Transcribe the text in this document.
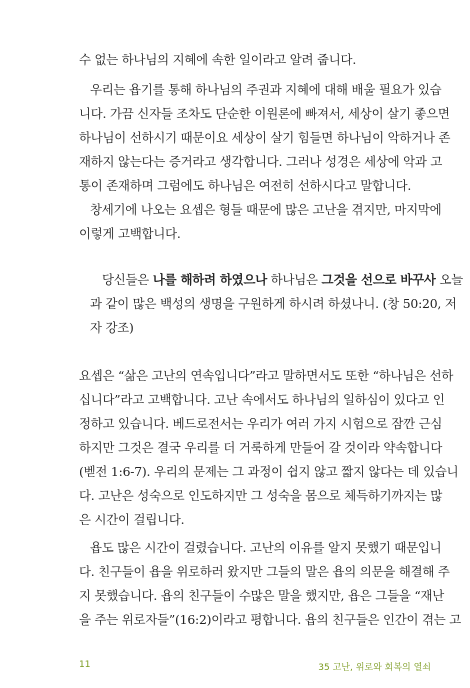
수 없는 하나님의 지혜에 속한 일이라고 알려 줍니다.
우리는 욥기를 통해 하나님의 주권과 지혜에 대해 배울 필요가 있습
니다. 가끔 신자들 조차도 단순한 이원론에 빠져서, 세상이 살기 좋으면
하나님이 선하시기 때문이요 세상이 살기 힘들면 하나님이 악하거나 존
재하지 않는다는 증거라고 생각합니다. 그러나 성경은 세상에 악과 고
통이 존재하며 그럼에도 하나님은 여전히 선하시다고 말합니다.
창세기에 나오는 요셉은 형들 때문에 많은 고난을 겪지만, 마지막에
이렇게 고백합니다.
당신들은 나를 해하려 하였으나 하나님은 그것을 선으로 바꾸사 오늘
과 같이 많은 백성의 생명을 구원하게 하시려 하셨나니. (창 50:20, 저
자 강조)
요셉은 “삶은 고난의 연속입니다”라고 말하면서도 또한 “하나님은 선하
십니다”라고 고백합니다. 고난 속에서도 하나님의 일하심이 있다고 인
정하고 있습니다. 베드로전서는 우리가 여러 가지 시험으로 잠깐 근심
하지만 그것은 결국 우리를 더 거룩하게 만들어 갈 것이라 약속합니다
(벧전 1:6-7). 우리의 문제는 그 과정이 쉽지 않고 짧지 않다는 데 있습니
다. 고난은 성숙으로 인도하지만 그 성숙을 몸으로 체득하기까지는 많
은 시간이 걸립니다.
욥도 많은 시간이 걸렸습니다. 고난의 이유를 알지 못했기 때문입니
다. 친구들이 욥을 위로하러 왔지만 그들의 말은 욥의 의문을 해결해 주
지 못했습니다. 욥의 친구들이 수많은 말을 했지만, 욥은 그들을 “재난
을 주는 위로자들”(16:2)이라고 평합니다. 욥의 친구들은 인간이 겪는 고
11	35 고난, 위로와 회복의 열쇠
